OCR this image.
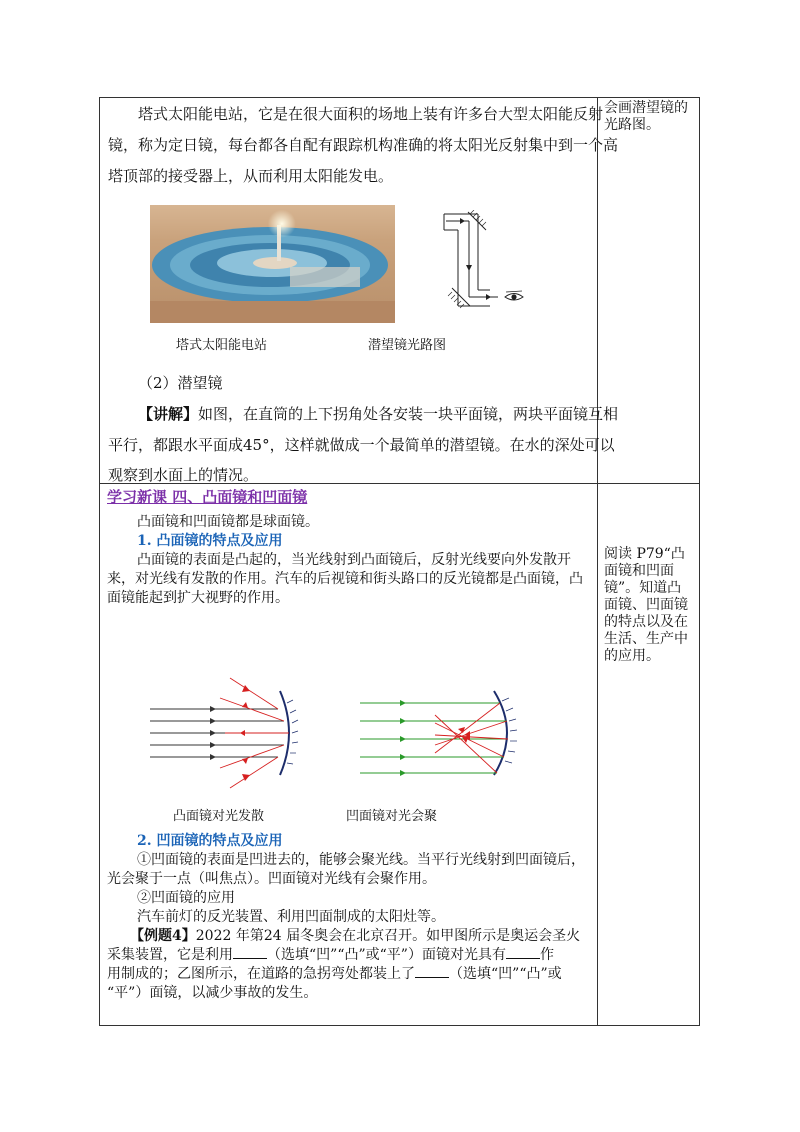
塔式太阳能电站，它是在很大面积的场地上装有许多台大型太阳能反射
镜，称为定日镜，每台都各自配有跟踪机构准确的将太阳光反射集中到一个高
塔顶部的接受器上，从而利用太阳能发电。
塔式太阳能电站	潜望镜光路图
（2）潜望镜
【讲解】如图，在直筒的上下拐角处各安装一块平面镜，两块平面镜互相
平行，都跟水平面成45°，这样就做成一个最简单的潜望镜。在水的深处可以
观察到水面上的情况。
会画潜望镜的
光路图。
学习新课 四、凸面镜和凹面镜
凸面镜和凹面镜都是球面镜。
1. 凸面镜的特点及应用
凸面镜的表面是凸起的，当光线射到凸面镜后，反射光线要向外发散开
来，对光线有发散的作用。汽车的后视镜和街头路口的反光镜都是凸面镜，凸
面镜能起到扩大视野的作用。
凸面镜对光发散	凹面镜对光会聚
2. 凹面镜的特点及应用
①凹面镜的表面是凹进去的，能够会聚光线。当平行光线射到凹面镜后，
光会聚于一点（叫焦点）。凹面镜对光线有会聚作用。
②凹面镜的应用
汽车前灯的反光装置、利用凹面制成的太阳灶等。
【例题4】2022 年第24 届冬奥会在北京召开。如甲图所示是奥运会圣火
采集装置，它是利用 （选填“凹”“凸”或“平”）面镜对光具有 作
用制成的；乙图所示，在道路的急拐弯处都装上了 （选填“凹”“凸”或
“平”）面镜，以减少事故的发生。
阅读 P79“凸
面镜和凹面
镜”。知道凸
面镜、凹面镜
的特点以及在
生活、生产中
的应用。
